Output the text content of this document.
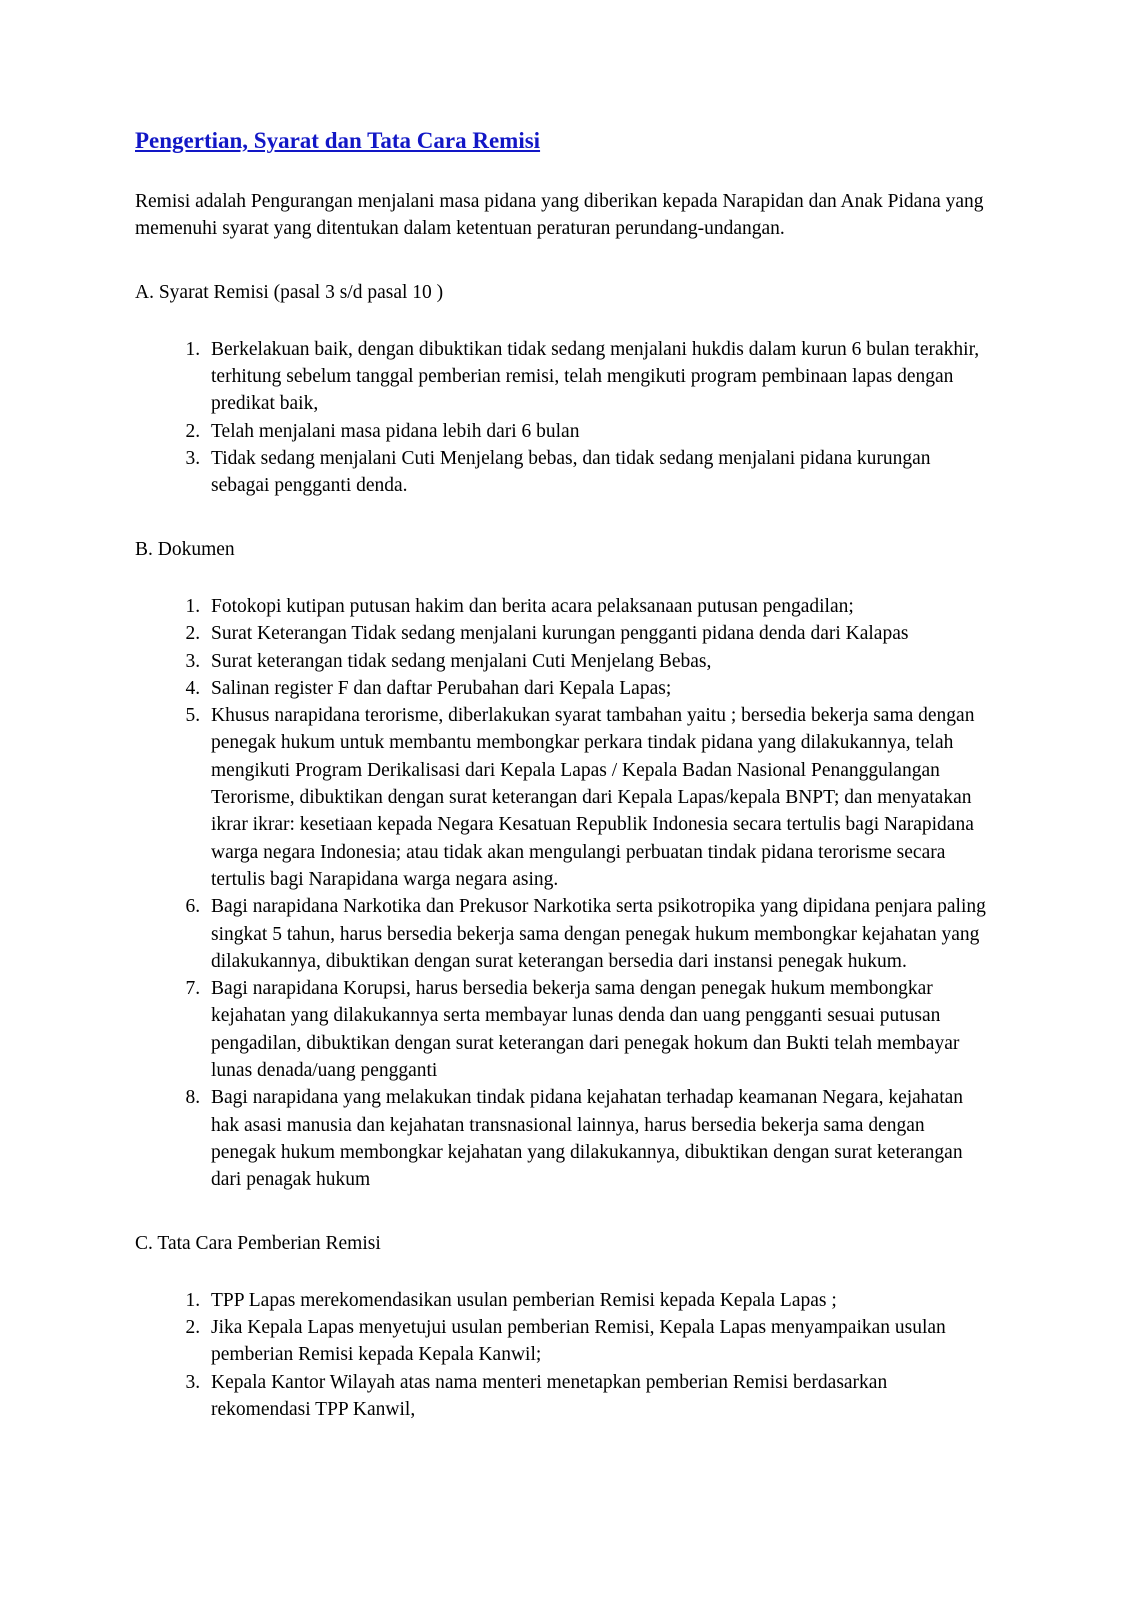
Pengertian, Syarat dan Tata Cara Remisi

Remisi adalah Pengurangan menjalani masa pidana yang diberikan kepada Narapidan dan Anak Pidana yang memenuhi syarat yang ditentukan dalam ketentuan peraturan perundang-undangan.

A. Syarat Remisi (pasal 3 s/d pasal 10 )
1. Berkelakuan baik, dengan dibuktikan tidak sedang menjalani hukdis dalam kurun 6 bulan terakhir, terhitung sebelum tanggal pemberian remisi, telah mengikuti program pembinaan lapas dengan predikat baik,
2. Telah menjalani masa pidana lebih dari 6 bulan
3. Tidak sedang menjalani Cuti Menjelang bebas, dan tidak sedang menjalani pidana kurungan sebagai pengganti denda.
B. Dokumen
1. Fotokopi kutipan putusan hakim dan berita acara pelaksanaan putusan pengadilan;
2. Surat Keterangan Tidak sedang menjalani kurungan pengganti pidana denda dari Kalapas
3. Surat keterangan tidak sedang menjalani Cuti Menjelang Bebas,
4. Salinan register F dan daftar Perubahan dari Kepala Lapas;
5. Khusus narapidana terorisme, diberlakukan syarat tambahan yaitu ; bersedia bekerja sama dengan penegak hukum untuk membantu membongkar perkara tindak pidana yang dilakukannya, telah mengikuti Program Derikalisasi dari Kepala Lapas / Kepala Badan Nasional Penanggulangan Terorisme, dibuktikan dengan surat keterangan dari Kepala Lapas/kepala BNPT; dan menyatakan ikrar ikrar: kesetiaan kepada Negara Kesatuan Republik Indonesia secara tertulis bagi Narapidana warga negara Indonesia; atau tidak akan mengulangi perbuatan tindak pidana terorisme secara tertulis bagi Narapidana warga negara asing.
6. Bagi narapidana Narkotika dan Prekusor Narkotika serta psikotropika yang dipidana penjara paling singkat 5 tahun, harus bersedia bekerja sama dengan penegak hukum membongkar kejahatan yang dilakukannya, dibuktikan dengan surat keterangan bersedia dari instansi penegak hukum.
7. Bagi narapidana Korupsi, harus bersedia bekerja sama dengan penegak hukum membongkar kejahatan yang dilakukannya serta membayar lunas denda dan uang pengganti sesuai putusan pengadilan, dibuktikan dengan surat keterangan dari penegak hokum dan Bukti telah membayar lunas denada/uang pengganti
8. Bagi narapidana yang melakukan tindak pidana kejahatan terhadap keamanan Negara, kejahatan hak asasi manusia dan kejahatan transnasional lainnya, harus bersedia bekerja sama dengan penegak hukum membongkar kejahatan yang dilakukannya, dibuktikan dengan surat keterangan dari penagak hukum
C. Tata Cara Pemberian Remisi
1. TPP Lapas merekomendasikan usulan pemberian Remisi kepada Kepala Lapas ;
2. Jika Kepala Lapas menyetujui usulan pemberian Remisi, Kepala Lapas menyampaikan usulan pemberian Remisi kepada Kepala Kanwil;
3. Kepala Kantor Wilayah atas nama menteri menetapkan pemberian Remisi berdasarkan rekomendasi TPP Kanwil,
